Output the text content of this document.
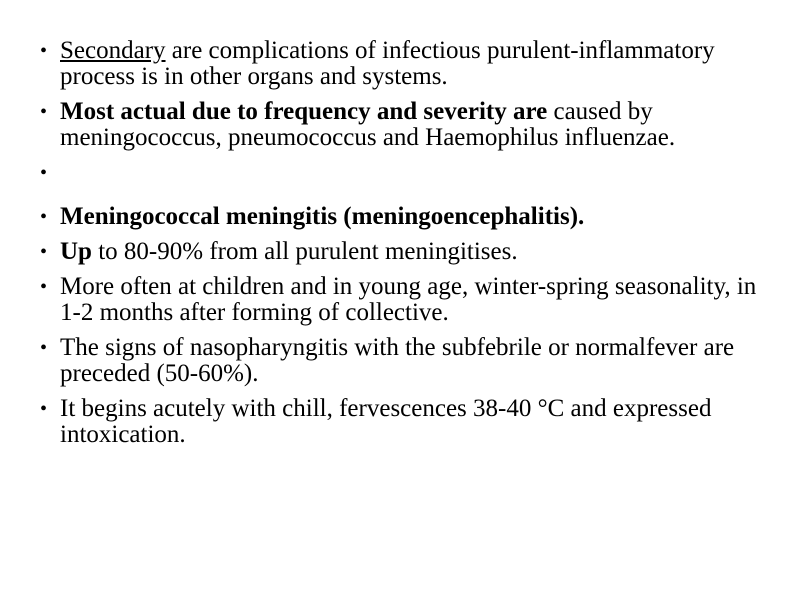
• Secondary are complications of infectious purulent-inflammatory process is in other organs and systems.
• Most actual due to frequency and severity are caused by meningococcus, pneumococcus and Haemophilus influenzae.
•
• Meningococcal meningitis (meningoencephalitis).
• Up to 80-90% from all purulent meningitises.
• More often at children and in young age, winter-spring seasonality, in 1-2 months after forming of collective.
• The signs of nasopharyngitis with the subfebrile or normalfever are preceded (50-60%).
• It begins acutely with chill, fervescences 38-40 °C and expressed intoxication.
